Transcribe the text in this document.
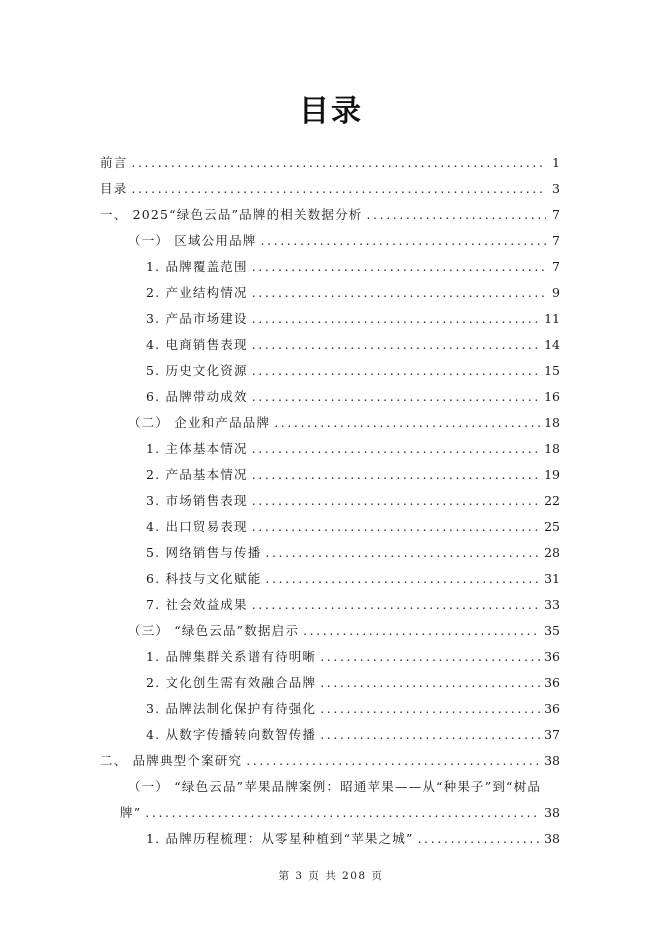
目录
前言 .....	1
目录 .....	3
一、 2025“绿色云品”品牌的相关数据分析 .....	7
（一） 区域公用品牌 .....	7
1. 品牌覆盖范围 .....	7
2. 产业结构情况 .....	9
3. 产品市场建设 .....	11
4. 电商销售表现 .....	14
5. 历史文化资源 .....	15
6. 品牌带动成效 .....	16
（二） 企业和产品品牌 .....	18
1. 主体基本情况 .....	18
2. 产品基本情况 .....	19
3. 市场销售表现 .....	22
4. 出口贸易表现 .....	25
5. 网络销售与传播 .....	28
6. 科技与文化赋能 .....	31
7. 社会效益成果 .....	33
（三） “绿色云品”数据启示 .....	35
1. 品牌集群关系谱有待明晰 .....	36
2. 文化创生需有效融合品牌 .....	36
3. 品牌法制化保护有待强化 .....	36
4. 从数字传播转向数智传播 .....	37
二、 品牌典型个案研究 .....	38
（一） “绿色云品”苹果品牌案例：昭通苹果——从“种果子”到“树品
牌” .....	38
1. 品牌历程梳理：从零星种植到“苹果之城” .....	38
第 3 页 共 208 页
